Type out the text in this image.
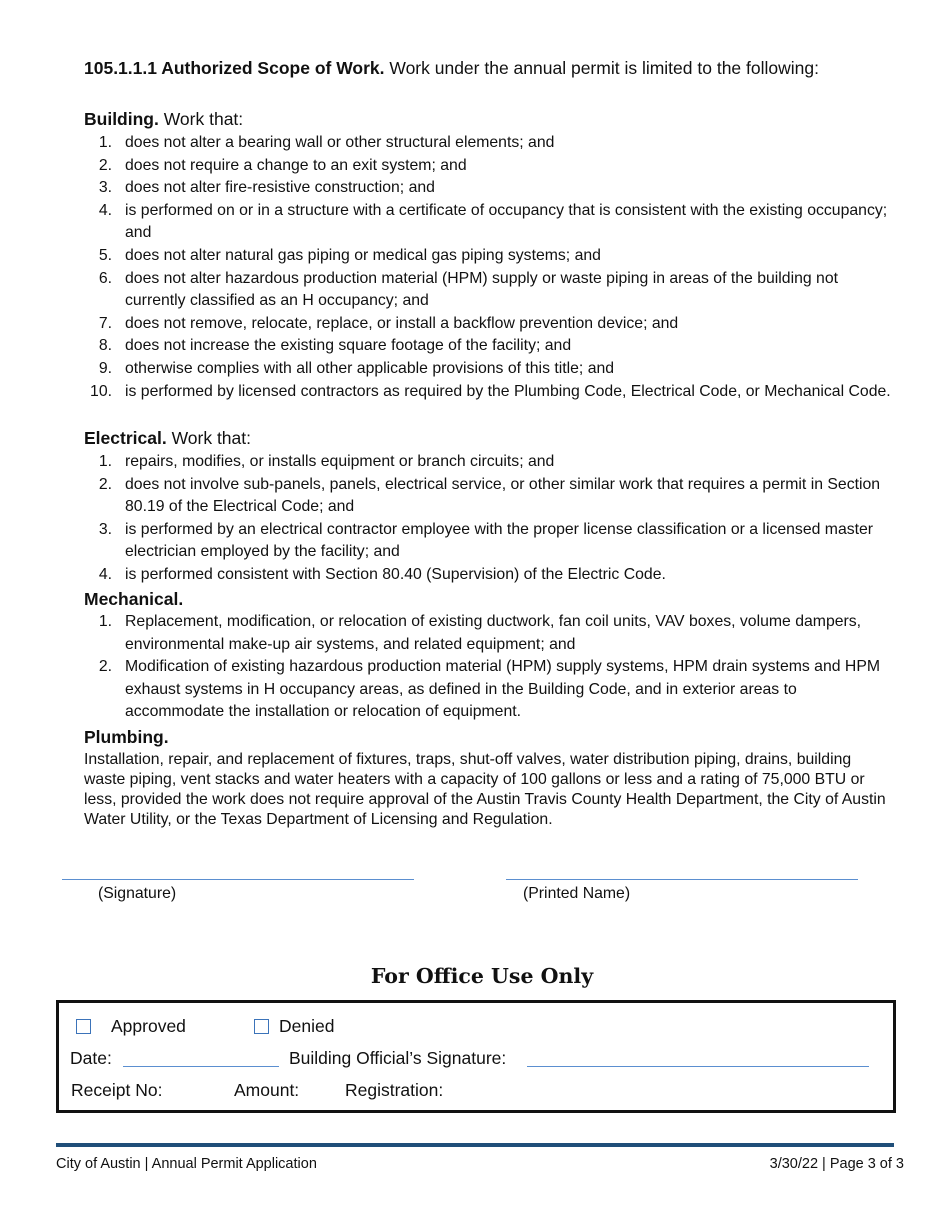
105.1.1.1 Authorized Scope of Work. Work under the annual permit is limited to the following:
Building. Work that:
1. does not alter a bearing wall or other structural elements; and
2. does not require a change to an exit system; and
3. does not alter fire-resistive construction; and
4. is performed on or in a structure with a certificate of occupancy that is consistent with the existing occupancy; and
5. does not alter natural gas piping or medical gas piping systems; and
6. does not alter hazardous production material (HPM) supply or waste piping in areas of the building not currently classified as an H occupancy; and
7. does not remove, relocate, replace, or install a backflow prevention device; and
8. does not increase the existing square footage of the facility; and
9. otherwise complies with all other applicable provisions of this title; and
10. is performed by licensed contractors as required by the Plumbing Code, Electrical Code, or Mechanical Code.
Electrical. Work that:
1. repairs, modifies, or installs equipment or branch circuits; and
2. does not involve sub-panels, panels, electrical service, or other similar work that requires a permit in Section 80.19 of the Electrical Code; and
3. is performed by an electrical contractor employee with the proper license classification or a licensed master electrician employed by the facility; and
4. is performed consistent with Section 80.40 (Supervision) of the Electric Code.
Mechanical.
1. Replacement, modification, or relocation of existing ductwork, fan coil units, VAV boxes, volume dampers, environmental make-up air systems, and related equipment; and
2. Modification of existing hazardous production material (HPM) supply systems, HPM drain systems and HPM exhaust systems in H occupancy areas, as defined in the Building Code, and in exterior areas to accommodate the installation or relocation of equipment.
Plumbing.
Installation, repair, and replacement of fixtures, traps, shut-off valves, water distribution piping, drains, building waste piping, vent stacks and water heaters with a capacity of 100 gallons or less and a rating of 75,000 BTU or less, provided the work does not require approval of the Austin Travis County Health Department, the City of Austin Water Utility, or the Texas Department of Licensing and Regulation.
(Signature)	(Printed Name)
For Office Use Only
Approved	Denied
Date:	Building Official’s Signature:
Receipt No:	Amount:	Registration:
City of Austin | Annual Permit Application	3/30/22 | Page 3 of 3
